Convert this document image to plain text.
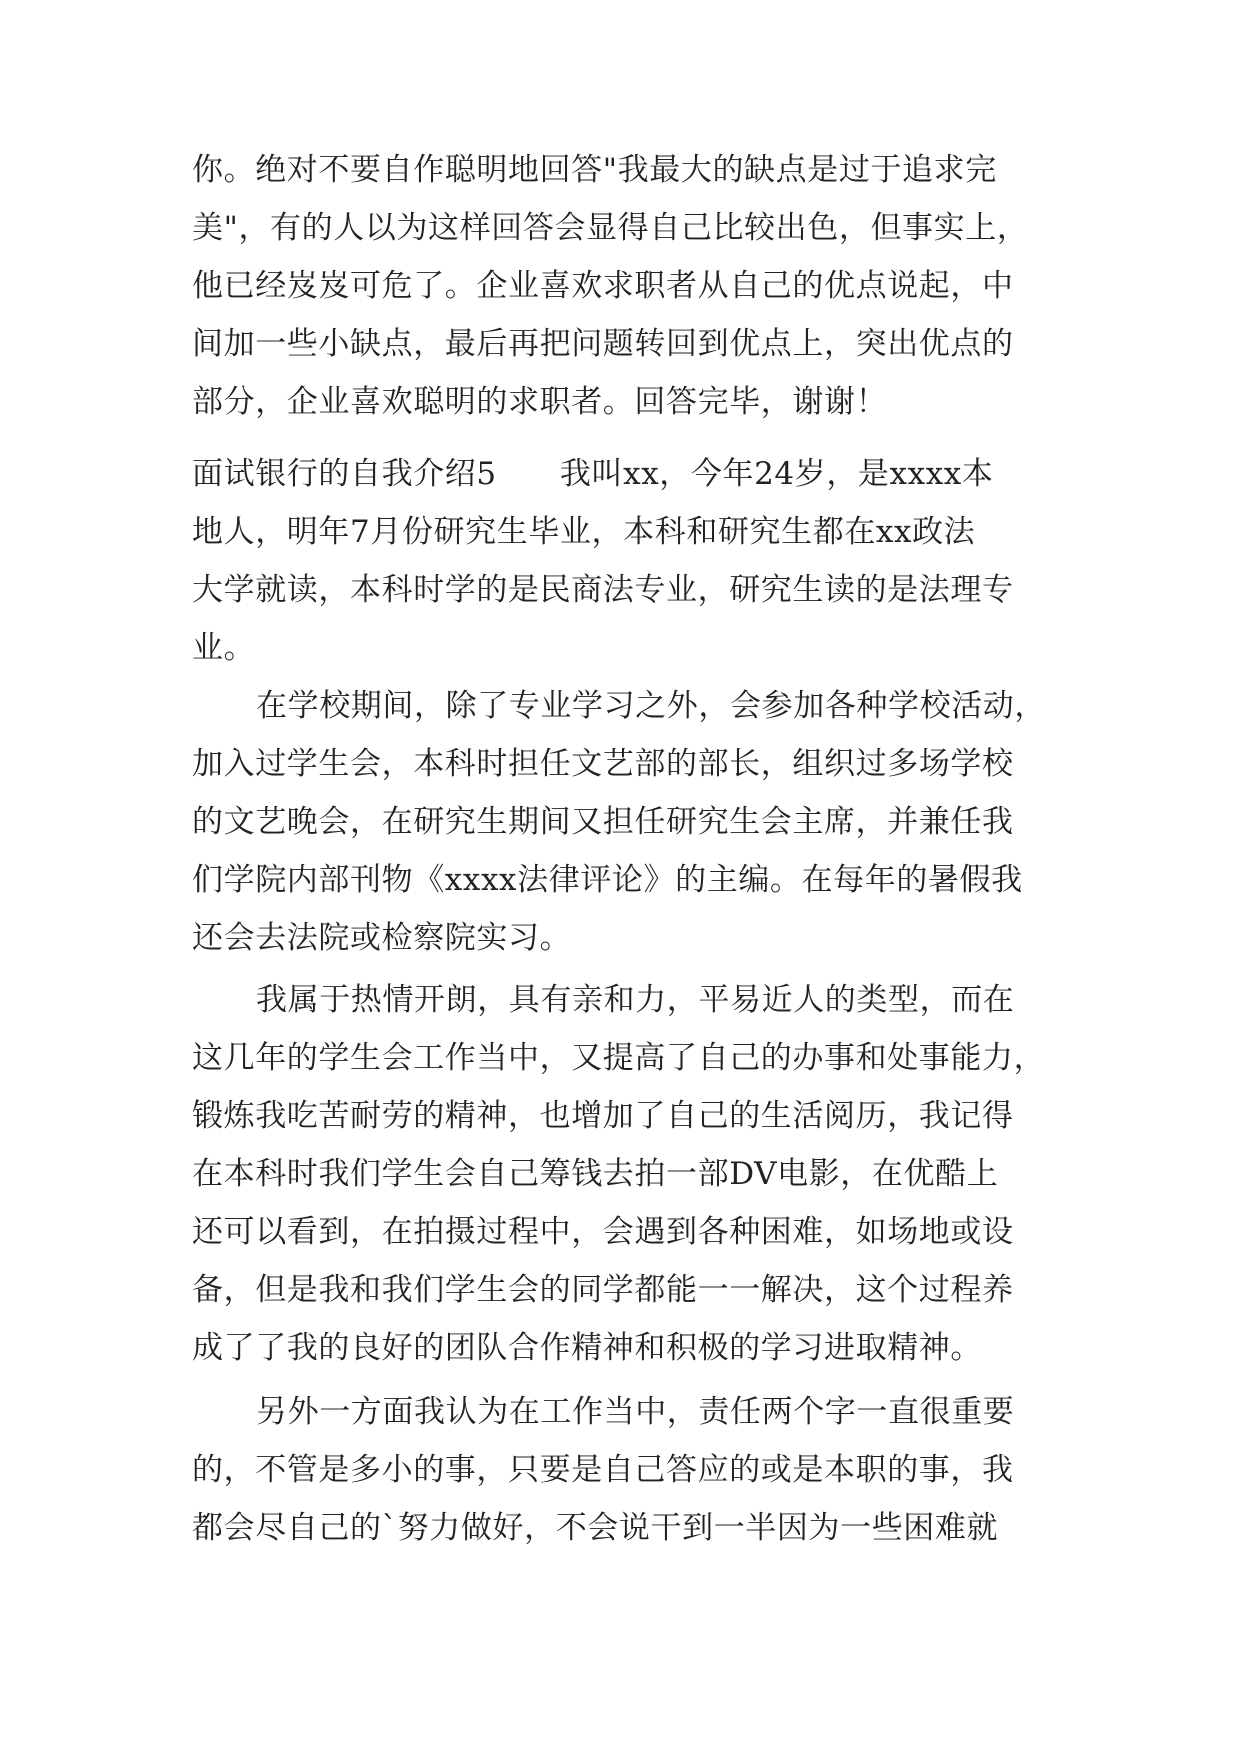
你。绝对不要自作聪明地回答"我最大的缺点是过于追求完
美"，有的人以为这样回答会显得自己比较出色，但事实上，
他已经岌岌可危了。企业喜欢求职者从自己的优点说起，中
间加一些小缺点，最后再把问题转回到优点上，突出优点的
部分，企业喜欢聪明的求职者。回答完毕，谢谢！
面试银行的自我介绍5　　我叫xx，今年24岁，是xxxx本
地人，明年7月份研究生毕业，本科和研究生都在xx政法
大学就读，本科时学的是民商法专业，研究生读的是法理专
业。
在学校期间，除了专业学习之外，会参加各种学校活动，
加入过学生会，本科时担任文艺部的部长，组织过多场学校
的文艺晚会，在研究生期间又担任研究生会主席，并兼任我
们学院内部刊物《xxxx法律评论》的主编。在每年的暑假我
还会去法院或检察院实习。
我属于热情开朗，具有亲和力，平易近人的类型，而在
这几年的学生会工作当中，又提高了自己的办事和处事能力，
锻炼我吃苦耐劳的精神，也增加了自己的生活阅历，我记得
在本科时我们学生会自己筹钱去拍一部DV电影，在优酷上
还可以看到，在拍摄过程中，会遇到各种困难，如场地或设
备，但是我和我们学生会的同学都能一一解决，这个过程养
成了了我的良好的团队合作精神和积极的学习进取精神。
另外一方面我认为在工作当中，责任两个字一直很重要
的，不管是多小的事，只要是自己答应的或是本职的事，我
都会尽自己的`努力做好，不会说干到一半因为一些困难就
